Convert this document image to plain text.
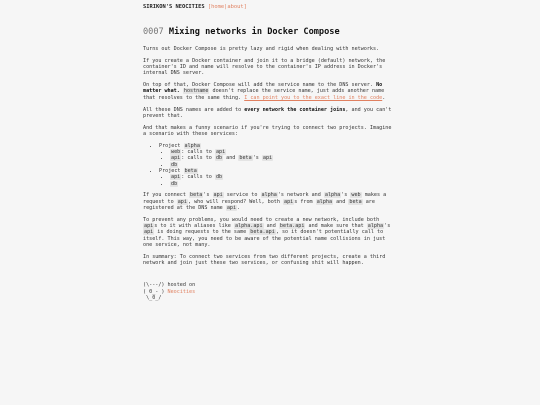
SIRIKON'S NEOCITIES [home|about]
0007 Mixing networks in Docker Compose

Turns out Docker Compose is pretty lazy and rigid when dealing with networks.

If you create a Docker container and join it to a bridge (default) network, the container's ID and name will resolve to the container's IP address in Docker's internal DNS server.

On top of that, Docker Compose will add the service name to the DNS server. No matter what. hostname doesn't replace the service name, just adds another name that resolves to the same thing. I can point you to the exact line in the code.

All these DNS names are added to every network the container joins, and you can't prevent that.

And that makes a funny scenario if you're trying to connect two projects. Imagine a scenario with these services:

• Project alpha
• web: calls to api
• api: calls to db and beta's api
• db
• Project beta
• api: calls to db
• db

If you connect beta's api service to alpha's network and alpha's web makes a request to api, who will respond? Well, both apis from alpha and beta are registered at the DNS name api.

To prevent any problems, you would need to create a new network, include both apis to it with aliases like alpha.api and beta.api and make sure that alpha's api is doing requests to the same beta.api, so it doesn't potentially call to itself. This way, you need to be aware of the potential name collisions in just one service, not many.

In summary: To connect two services from two different projects, create a third network and join just these two services, or confusing shit will happen.

(\---/) hosted on
( 0_- ) Neocities
\_0_/
